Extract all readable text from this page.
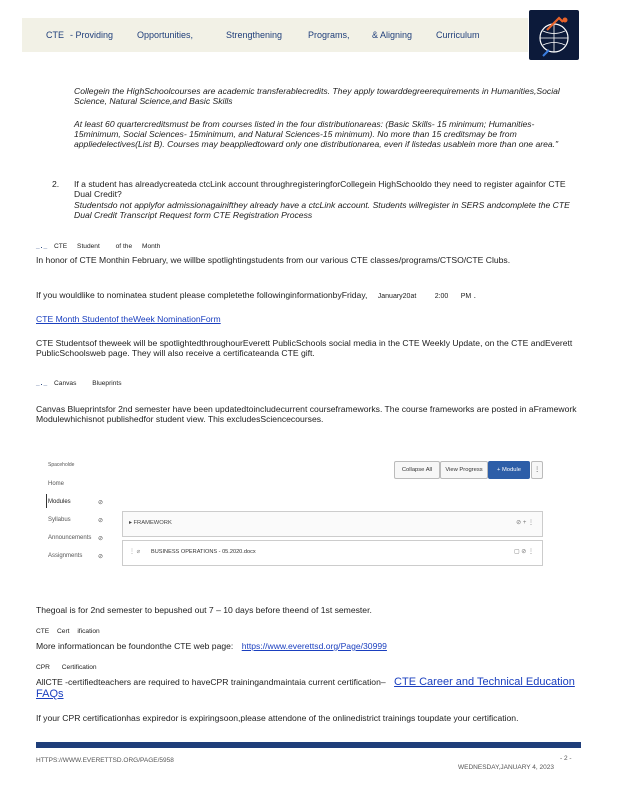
CTE - Providing	Opportunities,	Strengthening	Programs, & Aligning	Curriculum
Collegein the HighSchoolcourses are academic transferablecredits. They apply towarddegreerequirements in Humanities,Social Science, Natural Science,and Basic Skills
At least 60 quartercreditsmust be from courses listed in the four distributionareas: (Basic Skills- 15 minimum; Humanities- 15minimum, Social Sciences- 15minimum, and Natural Sciences-15 minimum). No more than 15 creditsmay be from appliedelectives(List B). Courses may beappliedtoward only one distributionarea, even if listedas usablein more than one area."
2.	If a student has alreadycreateda ctcLink account throughregisteringforCollegein HighSchooldo they need to register againfor CTE Dual Credit?
Studentsdo not applyfor admissionagainifthey already have a ctcLink account. Students willregister in SERS andcomplete the CTE Dual Credit Transcript Request form CTE Registration Process
_._ CTE Student of the Month
In honor of CTE Monthin February, we willbe spotlightingstudents from our various CTE classes/programs/CTSO/CTE Clubs.
If you wouldlike to nominatea student please completethe followinginformationbyFriday, January20at	2:00 PM .
CTE Month Studentof theWeek NominationForm
CTE Studentsof theweek will be spotlightedthroughourEverett PublicSchools social media in the CTE Weekly Update, on the CTE andEverett PublicSchoolsweb page. They will also receive a certificateanda CTE gift.
_._ Canvas Blueprints
Canvas Blueprintsfor 2nd semester have been updatedtoincludecurrent courseframeworks. The course frameworks are posted in aFramework Modulewhichisnot publishedfor student view. This excludesSciencecourses.
Spaceholde
Home
Modules
Syllabus
Announcements
Assignments
⊘
⊘
⊘
⊘
Collapse All	View Progress	+ Module	⋮
▸ FRAMEWORK	⊘ + ⋮
⋮ ⌀ BUSINESS OPERATIONS - 05.2020.docx	▢ ⊘ ⋮
Thegoal is for 2nd semester to bepushed out 7 – 10 days before theend of 1st semester.
CTE Cert ification
More informationcan be foundonthe CTE web page: https://www.everettsd.org/Page/30999
CPR Certification
AllCTE -certifiedteachers are required to haveCPR trainingandmaintaia current certification– CTE Career and Technical Education FAQs
If your CPR certificationhas expiredor is expiringsoon,please attendone of the onlinedistrict trainings toupdate your certification.
HTTPS://WWW.EVERETTSD.ORG/PAGE/5958	- 2 -
WEDNESDAY,JANUARY 4, 2023
